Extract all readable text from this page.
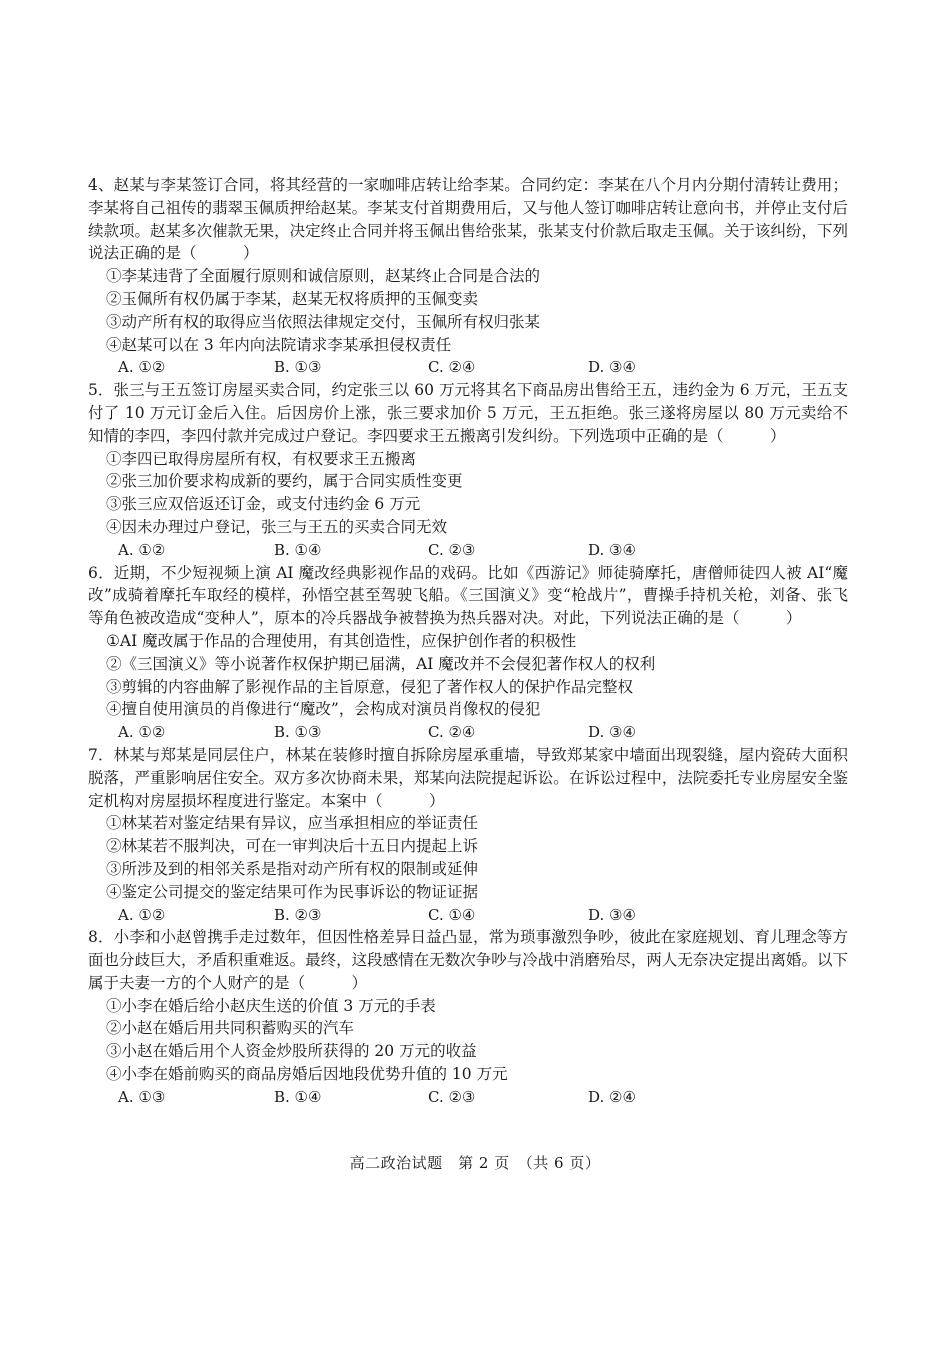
4、赵某与李某签订合同，将其经营的一家咖啡店转让给李某。合同约定：李某在八个月内分期付清转让费用；李某将自己祖传的翡翠玉佩质押给赵某。李某支付首期费用后，又与他人签订咖啡店转让意向书，并停止支付后续款项。赵某多次催款无果，决定终止合同并将玉佩出售给张某，张某支付价款后取走玉佩。关于该纠纷，下列说法正确的是（　　　）

①李某违背了全面履行原则和诚信原则，赵某终止合同是合法的

②玉佩所有权仍属于李某，赵某无权将质押的玉佩变卖

③动产所有权的取得应当依照法律规定交付，玉佩所有权归张某

④赵某可以在 3 年内向法院请求李某承担侵权责任

A. ①②	B. ①③	C. ②④	D. ③④

5．张三与王五签订房屋买卖合同，约定张三以 60 万元将其名下商品房出售给王五，违约金为 6 万元，王五支付了 10 万元订金后入住。后因房价上涨，张三要求加价 5 万元，王五拒绝。张三遂将房屋以 80 万元卖给不知情的李四，李四付款并完成过户登记。李四要求王五搬离引发纠纷。下列选项中正确的是（　　　）

①李四已取得房屋所有权，有权要求王五搬离

②张三加价要求构成新的要约，属于合同实质性变更

③张三应双倍返还订金，或支付违约金 6 万元

④因未办理过户登记，张三与王五的买卖合同无效

A. ①②	B. ①④	C. ②③	D. ③④

6．近期，不少短视频上演 AI 魔改经典影视作品的戏码。比如《西游记》师徒骑摩托，唐僧师徒四人被 AI“魔改”成骑着摩托车取经的模样，孙悟空甚至驾驶飞船。《三国演义》变“枪战片”，曹操手持机关枪，刘备、张飞等角色被改造成“变种人”，原本的冷兵器战争被替换为热兵器对决。对此，下列说法正确的是（　　　）

①AI 魔改属于作品的合理使用，有其创造性，应保护创作者的积极性

②《三国演义》等小说著作权保护期已届满，AI 魔改并不会侵犯著作权人的权利

③剪辑的内容曲解了影视作品的主旨原意，侵犯了著作权人的保护作品完整权

④擅自使用演员的肖像进行“魔改”，会构成对演员肖像权的侵犯

A. ①②	B. ①③	C. ②④	D. ③④

7．林某与郑某是同层住户，林某在装修时擅自拆除房屋承重墙，导致郑某家中墙面出现裂缝，屋内瓷砖大面积脱落，严重影响居住安全。双方多次协商未果，郑某向法院提起诉讼。在诉讼过程中，法院委托专业房屋安全鉴定机构对房屋损坏程度进行鉴定。本案中（　　　）

①林某若对鉴定结果有异议，应当承担相应的举证责任

②林某若不服判决，可在一审判决后十五日内提起上诉

③所涉及到的相邻关系是指对动产所有权的限制或延伸

④鉴定公司提交的鉴定结果可作为民事诉讼的物证证据

A. ①②	B. ②③	C. ①④	D. ③④

8．小李和小赵曾携手走过数年，但因性格差异日益凸显，常为琐事激烈争吵，彼此在家庭规划、育儿理念等方面也分歧巨大，矛盾积重难返。最终，这段感情在无数次争吵与冷战中消磨殆尽，两人无奈决定提出离婚。以下属于夫妻一方的个人财产的是（　　　）

①小李在婚后给小赵庆生送的价值 3 万元的手表

②小赵在婚后用共同积蓄购买的汽车

③小赵在婚后用个人资金炒股所获得的 20 万元的收益

④小李在婚前购买的商品房婚后因地段优势升值的 10 万元

A. ①③	B. ①④	C. ②③	D. ②④
高二政治试题　第 2 页　（共 6 页）
